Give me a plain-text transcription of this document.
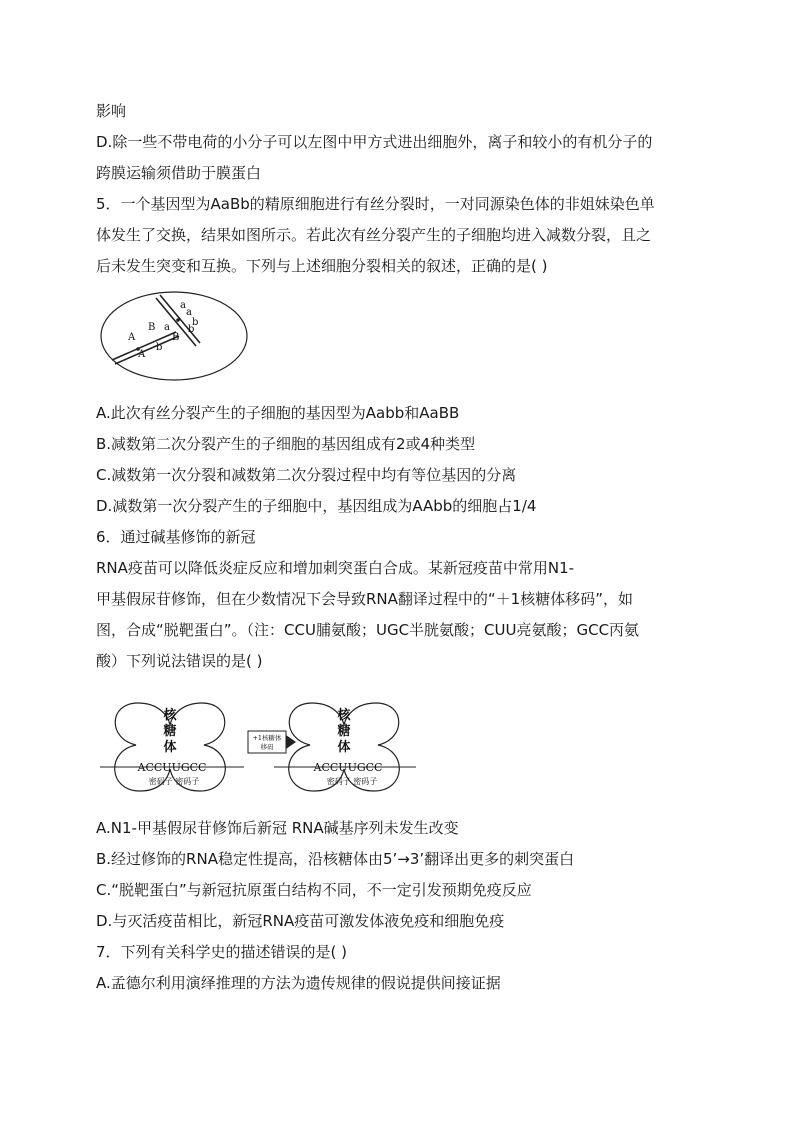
影响
D.除一些不带电荷的小分子可以左图中甲方式进出细胞外，离子和较小的有机分子的
跨膜运输须借助于膜蛋白
5．一个基因型为AaBb的精原细胞进行有丝分裂时，一对同源染色体的非姐妹染色单
体发生了交换，结果如图所示。若此次有丝分裂产生的子细胞均进入减数分裂，且之
后未发生突变和互换。下列与上述细胞分裂相关的叙述，正确的是( )
a
a
b
b
B
B
A
A
a
b
A.此次有丝分裂产生的子细胞的基因型为Aabb和AaBB
B.减数第二次分裂产生的子细胞的基因组成有2或4种类型
C.减数第一次分裂和减数第二次分裂过程中均有等位基因的分离
D.减数第一次分裂产生的子细胞中，基因组成为AAbb的细胞占1/4
6．通过碱基修饰的新冠
RNA疫苗可以降低炎症反应和增加刺突蛋白合成。某新冠疫苗中常用N1-
甲基假尿苷修饰，但在少数情况下会导致RNA翻译过程中的“＋1核糖体移码”，如
图，合成“脱靶蛋白”。（注：CCU脯氨酸；UGC半胱氨酸；CUU亮氨酸；GCC丙氨
酸）下列说法错误的是( )
核
糖
体
ACCUUGCC
密码子 密码子
+1核糖体
移码
核
糖
体
ACCUUGCC
密码子 密码子
A.N1-甲基假尿苷修饰后新冠 RNA碱基序列未发生改变
B.经过修饰的RNA稳定性提高，沿核糖体由5’→3’翻译出更多的刺突蛋白
C.“脱靶蛋白”与新冠抗原蛋白结构不同，不一定引发预期免疫反应
D.与灭活疫苗相比，新冠RNA疫苗可激发体液免疫和细胞免疫
7．下列有关科学史的描述错误的是( )
A.孟德尔利用演绎推理的方法为遗传规律的假说提供间接证据
